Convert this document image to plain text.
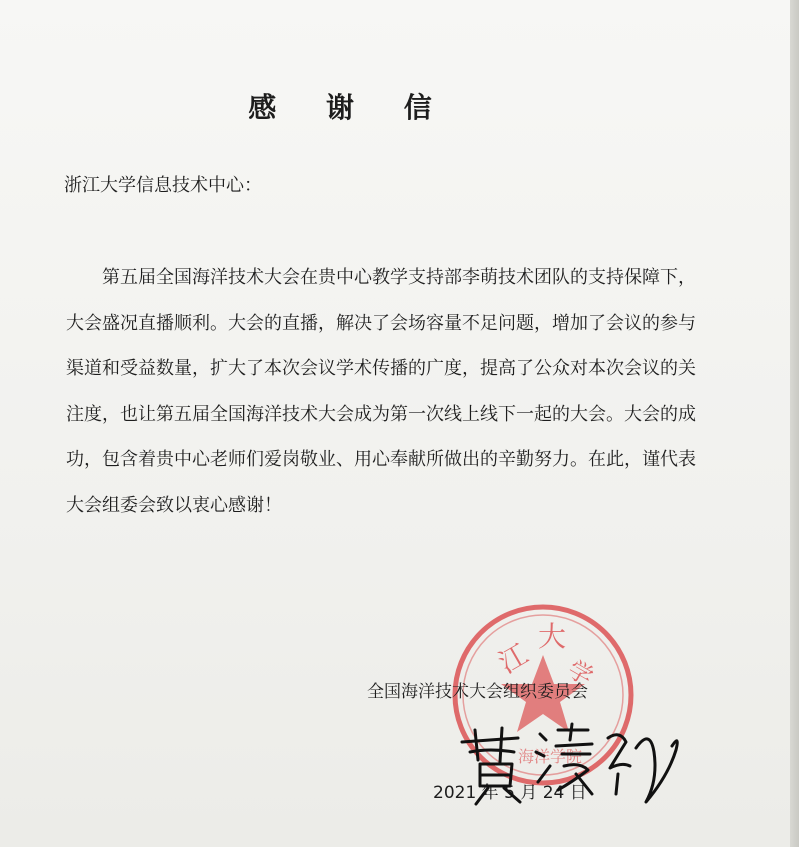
感 谢 信
浙江大学信息技术中心：

第五届全国海洋技术大会在贵中心教学支持部李萌技术团队的支持保障下，大会盛况直播顺利。大会的直播，解决了会场容量不足问题，增加了会议的参与渠道和受益数量，扩大了本次会议学术传播的广度，提高了公众对本次会议的关注度，也让第五届全国海洋技术大会成为第一次线上线下一起的大会。大会的成功，包含着贵中心老师们爱岗敬业、用心奉献所做出的辛勤努力。在此，谨代表大会组委会致以衷心感谢！

江
大
学
海洋学院
全国海洋技术大会组织委员会
2021 年 5 月 24 日
